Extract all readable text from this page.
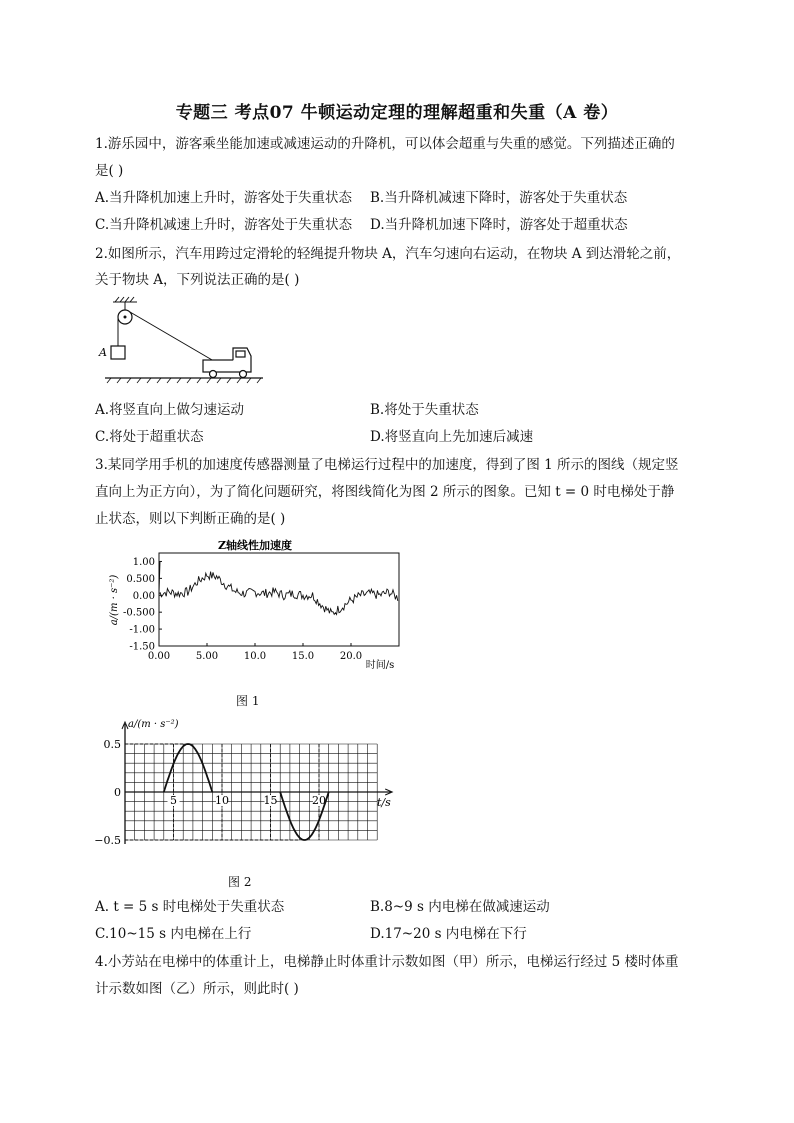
专题三 考点07 牛顿运动定理的理解超重和失重（A 卷）
1.游乐园中，游客乘坐能加速或减速运动的升降机，可以体会超重与失重的感觉。下列描述正确的
是( )
A.当升降机加速上升时，游客处于失重状态 B.当升降机减速下降时，游客处于失重状态
C.当升降机减速上升时，游客处于失重状态 D.当升降机加速下降时，游客处于超重状态
2.如图所示，汽车用跨过定滑轮的轻绳提升物块 A，汽车匀速向右运动，在物块 A 到达滑轮之前，
关于物块 A，下列说法正确的是( )
A
A.将竖直向上做匀速运动	B.将处于失重状态
C.将处于超重状态	D.将竖直向上先加速后减速
3.某同学用手机的加速度传感器测量了电梯运行过程中的加速度，得到了图 1 所示的图线（规定竖
直向上为正方向），为了简化问题研究，将图线简化为图 2 所示的图象。已知 t = 0 时电梯处于静
止状态，则以下判断正确的是( )
Z轴线性加速度
a/(m · s⁻²)
时间/s
1.00
0.500
0.00
-0.500
-1.00
-1.50
0.00	5.00	10.0	15.0	20.0
图 1
a/(m · s⁻²)
5	10	15	20
0.5
0
−0.5
t/s
图 2
A. t = 5 s 时电梯处于失重状态	B.8~9 s 内电梯在做减速运动
C.10~15 s 内电梯在上行	D.17~20 s 内电梯在下行
4.小芳站在电梯中的体重计上，电梯静止时体重计示数如图（甲）所示，电梯运行经过 5 楼时体重
计示数如图（乙）所示，则此时( )
